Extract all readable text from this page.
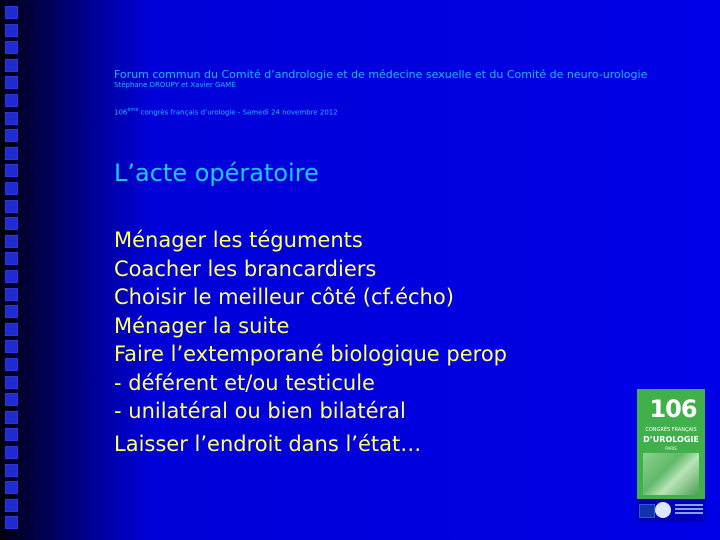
Forum commun du Comité d’andrologie et de médecine sexuelle et du Comité de neuro-urologie
Stéphane DROUPY et Xavier GAMÉ
106ème congrès français d’urologie - Samedi 24 novembre 2012
L’acte opératoire
Ménager les téguments
Coacher les brancardiers
Choisir le meilleur côté (cf.écho)
Ménager la suite
Faire l’extemporané biologique perop
- déférent et/ou testicule
- unilatéral ou bien bilatéral
Laisser l’endroit dans l’état…
106
CONGRÈS FRANÇAIS
D’UROLOGIE
PARIS
